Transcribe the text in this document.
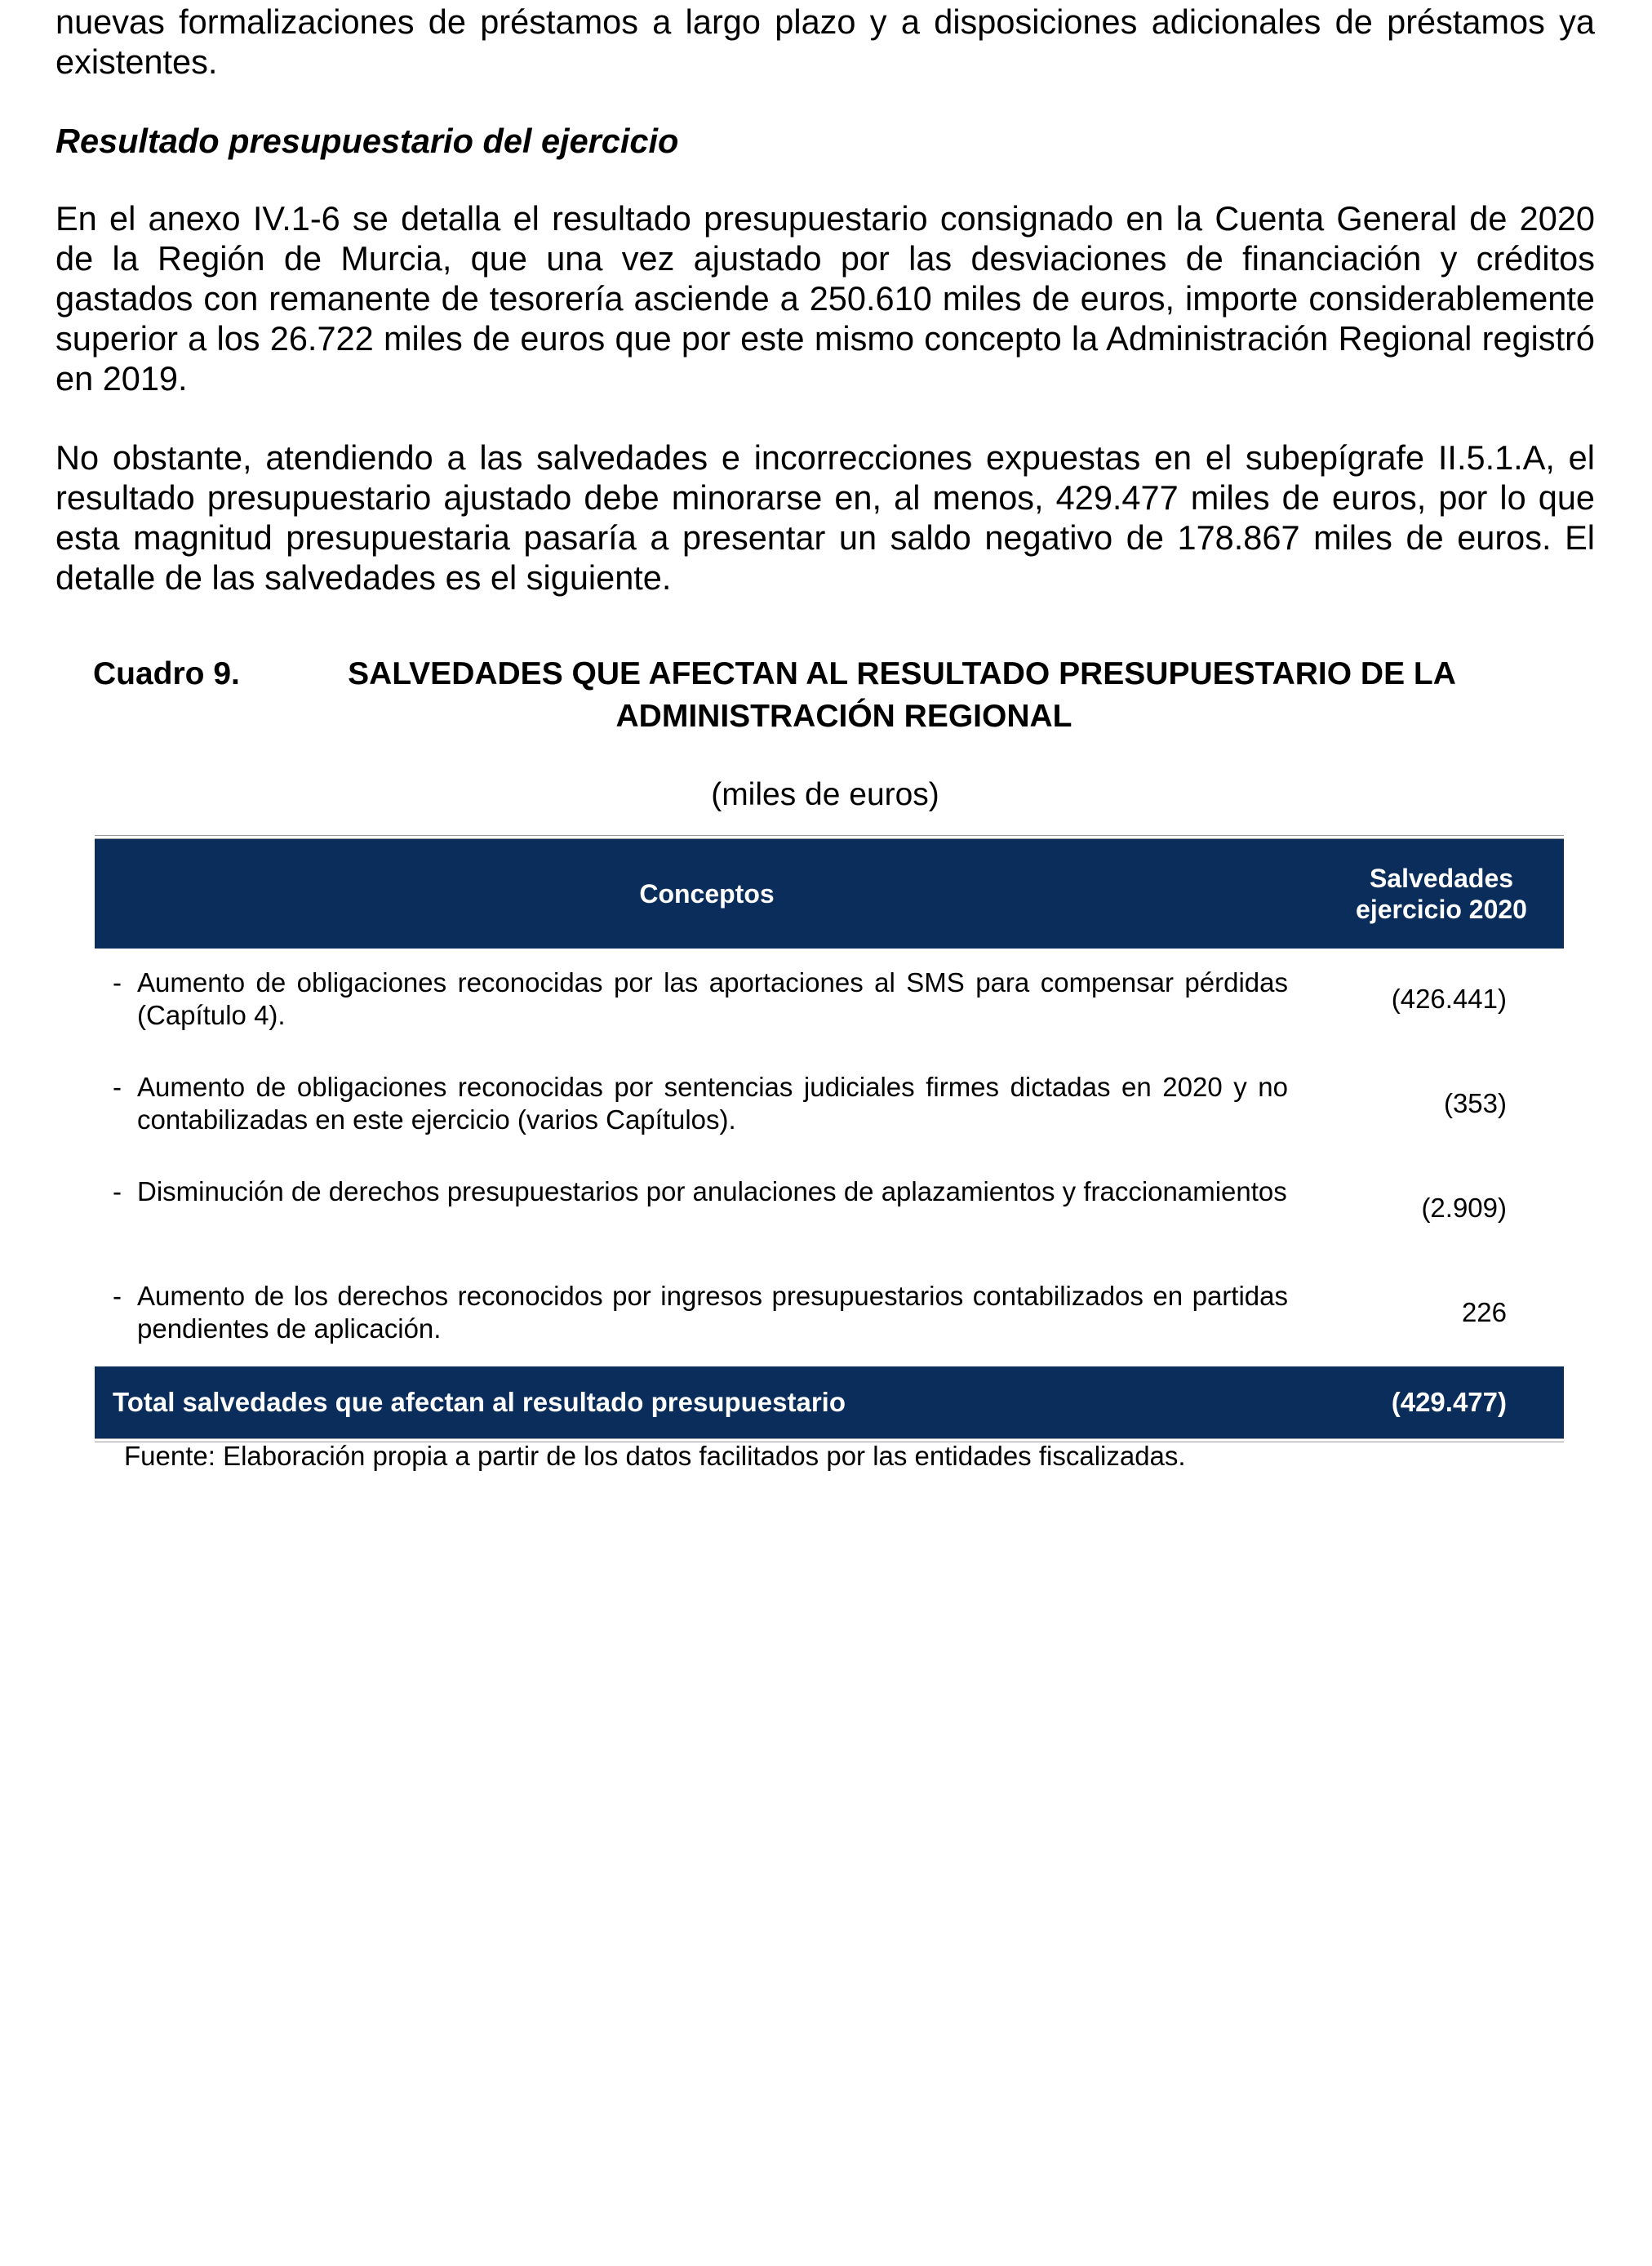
nuevas formalizaciones de préstamos a largo plazo y a disposiciones adicionales de préstamos ya existentes.

Resultado presupuestario del ejercicio

En el anexo IV.1-6 se detalla el resultado presupuestario consignado en la Cuenta General de 2020 de la Región de Murcia, que una vez ajustado por las desviaciones de financiación y créditos gastados con remanente de tesorería asciende a 250.610 miles de euros, importe considerablemente superior a los 26.722 miles de euros que por este mismo concepto la Administración Regional registró en 2019.

No obstante, atendiendo a las salvedades e incorrecciones expuestas en el subepígrafe II.5.1.A, el resultado presupuestario ajustado debe minorarse en, al menos, 429.477 miles de euros, por lo que esta magnitud presupuestaria pasaría a presentar un saldo negativo de 178.867 miles de euros. El detalle de las salvedades es el siguiente.

Cuadro 9.	SALVEDADES QUE AFECTAN AL RESULTADO PRESUPUESTARIO DE LA ADMINISTRACIÓN REGIONAL
(miles de euros)
Conceptos
Salvedades
ejercicio 2020
- Aumento de obligaciones reconocidas por las aportaciones al SMS para compensar pérdidas (Capítulo 4).
(426.441)
- Aumento de obligaciones reconocidas por sentencias judiciales firmes dictadas en 2020 y no contabilizadas en este ejercicio (varios Capítulos).
(353)
- Disminución de derechos presupuestarios por anulaciones de aplazamientos y fraccionamientos
(2.909)
- Aumento de los derechos reconocidos por ingresos presupuestarios contabilizados en partidas pendientes de aplicación.
226
Total salvedades que afectan al resultado presupuestario	(429.477)
Fuente: Elaboración propia a partir de los datos facilitados por las entidades fiscalizadas.
